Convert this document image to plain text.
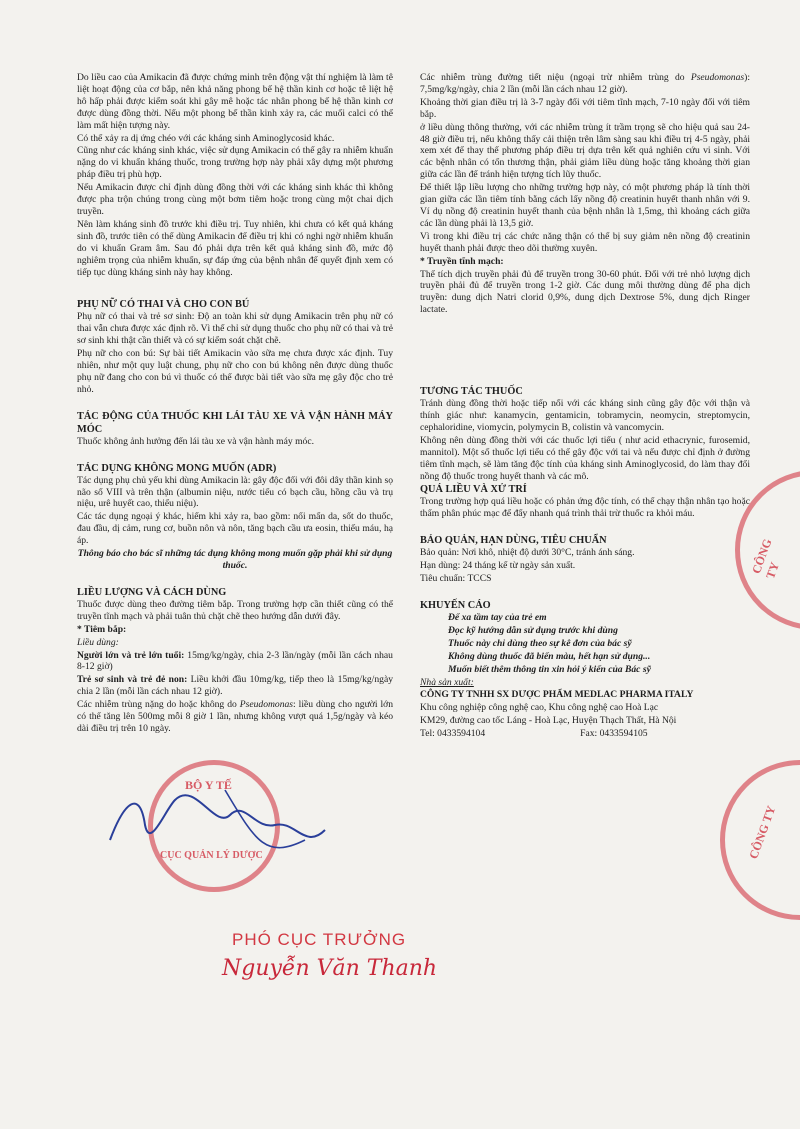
Do liều cao của Amikacin đã được chứng minh trên động vật thí nghiệm là làm tê liệt hoạt động của cơ bắp, nên khả năng phong bế hệ thần kinh cơ hoặc tê liệt hệ hô hấp phải được kiểm soát khi gây mê hoặc tác nhân phong bế hệ thần kinh cơ được dùng đồng thời. Nếu một phong bế thần kinh xảy ra, các muối calci có thể làm mất hiện tượng này.

Có thể xảy ra dị ứng chéo với các kháng sinh Aminoglycosid khác.

Cũng như các kháng sinh khác, việc sử dụng Amikacin có thể gây ra nhiễm khuẩn nặng do vi khuẩn kháng thuốc, trong trường hợp này phải xây dựng một phương pháp điều trị phù hợp.

Nếu Amikacin được chỉ định dùng đồng thời với các kháng sinh khác thì không được pha trộn chúng trong cùng một bơm tiêm hoặc trong cùng một chai dịch truyền.

Nên làm kháng sinh đồ trước khi điều trị. Tuy nhiên, khi chưa có kết quả kháng sinh đồ, trước tiên có thể dùng Amikacin để điều trị khi có nghi ngờ nhiễm khuẩn do vi khuẩn Gram âm. Sau đó phải dựa trên kết quả kháng sinh đồ, mức độ nghiêm trọng của nhiễm khuẩn, sự đáp ứng của bệnh nhân để quyết định xem có tiếp tục dùng kháng sinh này hay không.

PHỤ NỮ CÓ THAI VÀ CHO CON BÚ

Phụ nữ có thai và trẻ sơ sinh: Độ an toàn khi sử dụng Amikacin trên phụ nữ có thai vẫn chưa được xác định rõ. Vì thế chỉ sử dụng thuốc cho phụ nữ có thai và trẻ sơ sinh khi thật cần thiết và có sự kiểm soát chặt chẽ.

Phụ nữ cho con bú: Sự bài tiết Amikacin vào sữa mẹ chưa được xác định. Tuy nhiên, như một quy luật chung, phụ nữ cho con bú không nên được dùng thuốc phụ nữ đang cho con bú vì thuốc có thể được bài tiết vào sữa mẹ gây độc cho trẻ nhỏ.

TÁC ĐỘNG CỦA THUỐC KHI LÁI TÀU XE VÀ VẬN HÀNH MÁY MÓC

Thuốc không ảnh hưởng đến lái tàu xe và vận hành máy móc.

TÁC DỤNG KHÔNG MONG MUỐN (ADR)

Tác dụng phụ chủ yếu khi dùng Amikacin là: gây độc đối với đôi dây thần kinh sọ não số VIII và trên thận (albumin niệu, nước tiểu có bạch cầu, hồng cầu và trụ niệu, urê huyết cao, thiểu niệu).

Các tác dụng ngoại ý khác, hiếm khi xảy ra, bao gồm: nổi mẩn da, sốt do thuốc, đau đầu, dị cảm, rung cơ, buồn nôn và nôn, tăng bạch cầu ưa eosin, thiếu máu, hạ áp.

Thông báo cho bác sĩ những tác dụng không mong muốn gặp phải khi sử dụng thuốc.

LIỀU LƯỢNG VÀ CÁCH DÙNG

Thuốc được dùng theo đường tiêm bắp. Trong trường hợp cần thiết cũng có thể truyền tĩnh mạch và phải tuân thủ chặt chẽ theo hướng dẫn dưới đây.

* Tiêm bắp:

Liều dùng:

Người lớn và trẻ lớn tuổi: 15mg/kg/ngày, chia 2-3 lần/ngày (mỗi lần cách nhau 8-12 giờ)

Trẻ sơ sinh và trẻ đẻ non: Liều khởi đầu 10mg/kg, tiếp theo là 15mg/kg/ngày chia 2 lần (mỗi lần cách nhau 12 giờ).

Các nhiễm trùng nặng do hoặc không do Pseudomonas: liều dùng cho người lớn có thể tăng lên 500mg mỗi 8 giờ 1 lần, nhưng không vượt quá 1,5g/ngày và kéo dài điều trị trên 10 ngày.

Các nhiễm trùng đường tiết niệu (ngoại trừ nhiễm trùng do Pseudomonas): 7,5mg/kg/ngày, chia 2 lần (mỗi lần cách nhau 12 giờ).

Khoảng thời gian điều trị là 3-7 ngày đối với tiêm tĩnh mạch, 7-10 ngày đối với tiêm bắp.

ở liều dùng thông thường, với các nhiễm trùng ít trầm trọng sẽ cho hiệu quả sau 24-48 giờ điều trị, nếu không thấy cải thiện trên lâm sàng sau khi điều trị 4-5 ngày, phải xem xét để thay thế phương pháp điều trị dựa trên kết quả nghiên cứu vi sinh. Với các bệnh nhân có tổn thương thận, phải giảm liều dùng hoặc tăng khoảng thời gian giữa các lần để tránh hiện tượng tích lũy thuốc.

Để thiết lập liều lượng cho những trường hợp này, có một phương pháp là tính thời gian giữa các lần tiêm tính bằng cách lấy nồng độ creatinin huyết thanh nhân với 9. Ví dụ nồng độ creatinin huyết thanh của bệnh nhân là 1,5mg, thì khoảng cách giữa các lần dùng phải là 13,5 giờ.

Vì trong khi điều trị các chức năng thận có thể bị suy giảm nên nồng độ creatinin huyết thanh phải được theo dõi thường xuyên.

* Truyền tĩnh mạch:

Thể tích dịch truyền phải đủ để truyền trong 30-60 phút. Đối với trẻ nhỏ lượng dịch truyền phải đủ để truyền trong 1-2 giờ. Các dung môi thường dùng để pha dịch truyền: dung dịch Natri clorid 0,9%, dung dịch Dextrose 5%, dung dịch Ringer lactate.

TƯƠNG TÁC THUỐC

Tránh dùng đồng thời hoặc tiếp nối với các kháng sinh cũng gây độc với thận và thính giác như: kanamycin, gentamicin, tobramycin, neomycin, streptomycin, cephaloridine, viomycin, polymycin B, colistin và vancomycin.

Không nên dùng đồng thời với các thuốc lợi tiểu ( như acid ethacrynic, furosemid, mannitol). Một số thuốc lợi tiểu có thể gây độc với tai và nếu được chỉ định ở đường tiêm tĩnh mạch, sẽ làm tăng độc tính của kháng sinh Aminoglycosid, do làm thay đổi nồng độ thuốc trong huyết thanh và các mô.

QUÁ LIỀU VÀ XỬ TRÍ

Trong trường hợp quá liều hoặc có phản ứng độc tính, có thể chạy thận nhân tạo hoặc thẩm phân phúc mạc để đẩy nhanh quá trình thải trừ thuốc ra khỏi máu.

BẢO QUẢN, HẠN DÙNG, TIÊU CHUẨN

Bảo quản: Nơi khô, nhiệt độ dưới 30°C, tránh ánh sáng.

Hạn dùng: 24 tháng kể từ ngày sản xuất.

Tiêu chuẩn: TCCS

KHUYẾN CÁO

Để xa tầm tay của trẻ em

Đọc kỹ hướng dẫn sử dụng trước khi dùng

Thuốc này chỉ dùng theo sự kê đơn của bác sỹ

Không dùng thuốc đã biến màu, hết hạn sử dụng...

Muốn biết thêm thông tin xin hỏi ý kiến của Bác sỹ

Nhà sản xuất:

CÔNG TY TNHH SX DƯỢC PHẨM MEDLAC PHARMA ITALY

Khu công nghiệp công nghệ cao, Khu công nghệ cao Hoà Lạc

KM29, đường cao tốc Láng - Hoà Lạc, Huyện Thạch Thất, Hà Nội

Tel: 0433594104	Fax: 0433594105

BỘ Y TẾ
CỤC QUẢN LÝ DƯỢC
CÔNG TY
CÔNG TY
PHÓ CỤC TRƯỞNG
Nguyễn Văn Thanh
